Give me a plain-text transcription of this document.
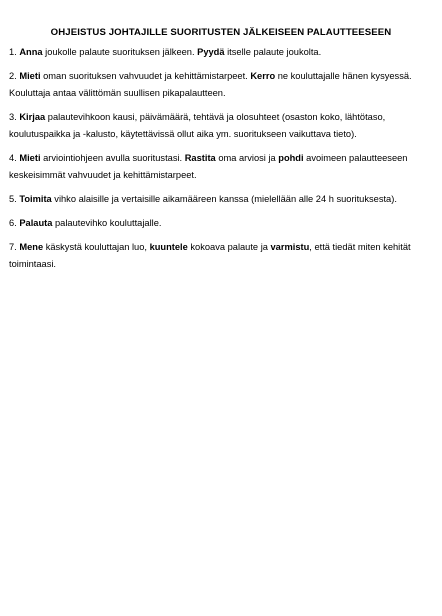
OHJEISTUS JOHTAJILLE SUORITUSTEN JÄLKEISEEN PALAUTTEESEEN

1. Anna joukolle palaute suorituksen jälkeen. Pyydä itselle palaute joukolta.

2. Mieti oman suorituksen vahvuudet ja kehittämistarpeet. Kerro ne kouluttajalle hänen kysyessä. Kouluttaja antaa välittömän suullisen pikapalautteen.

3. Kirjaa palautevihkoon kausi, päivämäärä, tehtävä ja olosuhteet (osaston koko, lähtötaso, koulutuspaikka ja -kalusto, käytettävissä ollut aika ym. suoritukseen vaikuttava tieto).

4. Mieti arviointiohjeen avulla suoritustasi. Rastita oma arviosi ja pohdi avoimeen palautteeseen keskeisimmät vahvuudet ja kehittämistarpeet.

5. Toimita vihko alaisille ja vertaisille aikamääreen kanssa (mielellään alle 24 h suorituksesta).

6. Palauta palautevihko kouluttajalle.

7. Mene käskystä kouluttajan luo, kuuntele kokoava palaute ja varmistu, että tiedät miten kehität toimintaasi.
